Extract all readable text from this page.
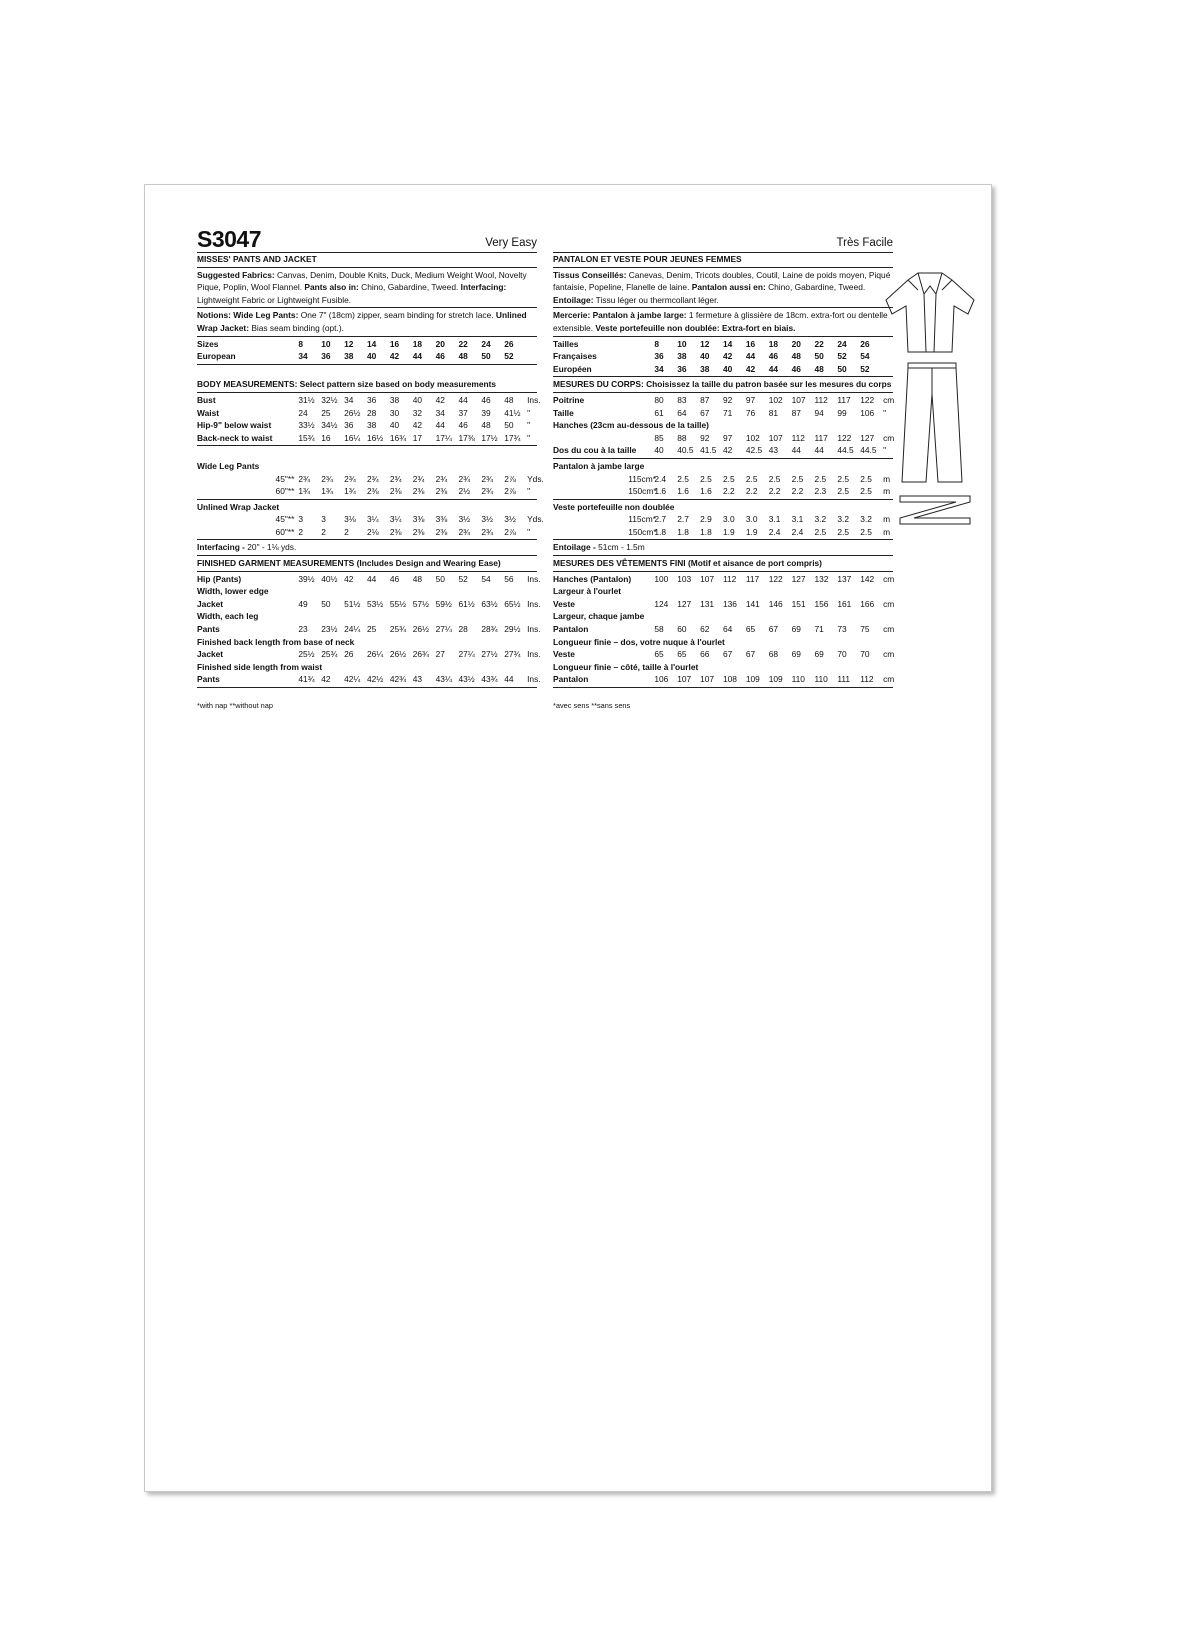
S3047	Very Easy
MISSES' PANTS AND JACKET

Suggested Fabrics: Canvas, Denim, Double Knits, Duck, Medium Weight Wool, Novelty Pique, Poplin, Wool Flannel. Pants also in: Chino, Gabardine, Tweed. Interfacing: Lightweight Fabric or Lightweight Fusible.

Notions: Wide Leg Pants: One 7" (18cm) zipper, seam binding for stretch lace. Unlined Wrap Jacket: Bias seam binding (opt.).

Sizes		8	10	12	14	16	18	20	22	24	26	
European		34	36	38	40	42	44	46	48	50	52	
BODY MEASUREMENTS: Select pattern size based on body measurements
Bust		31½	32½	34	36	38	40	42	44	46	48	Ins.
Waist		24	25	26½	28	30	32	34	37	39	41½	"
Hip-9" below waist		33½	34½	36	38	40	42	44	46	48	50	"
Back-neck to waist		15¾	16	16¼	16½	16¾	17	17¼	17⅜	17½	17¾	"
Wide Leg Pants
	45"**	2¾	2¾	2¾	2¾	2¾	2¾	2¾	2¾	2¾	2⅞	Yds.
	60"**	1¾	1¾	1¾	2⅜	2⅜	2⅜	2⅜	2½	2¾	2⅞	"
Unlined Wrap Jacket
	45"**	3	3	3⅛	3¼	3¼	3⅜	3⅜	3½	3½	3½	Yds.
	60"**	2	2	2	2⅛	2⅜	2⅜	2⅜	2¾	2¾	2⅞	"
Interfacing - 20" - 1⅛ yds.
FINISHED GARMENT MEASUREMENTS (Includes Design and Wearing Ease)
Hip (Pants)		39½	40½	42	44	46	48	50	52	54	56	Ins.
Width, lower edge												
Jacket		49	50	51½	53½	55½	57½	59½	61½	63½	65½	Ins.
Width, each leg												
Pants		23	23½	24¼	25	25¾	26½	27¼	28	28¾	29½	Ins.
Finished back length from base of neck												
Jacket		25½	25¾	26	26¼	26½	26¾	27	27¼	27½	27¾	Ins.
Finished side length from waist												
Pants		41¾	42	42¼	42½	42¾	43	43¼	43½	43¾	44	Ins.
*with nap **without nap
Très Facile
PANTALON ET VESTE POUR JEUNES FEMMES

Tissus Conseillés: Canevas, Denim, Tricots doubles, Coutil, Laine de poids moyen, Piqué fantaisie, Popeline, Flanelle de laine. Pantalon aussi en: Chino, Gabardine, Tweed. Entoilage: Tissu léger ou thermcollant léger.

Mercerie: Pantalon à jambe large: 1 fermeture à glissière de 18cm. extra-fort ou dentelle extensible. Veste portefeuille non doublée: Extra-fort en biais.

Tailles		8	10	12	14	16	18	20	22	24	26	
Françaises		36	38	40	42	44	46	48	50	52	54	
Européen		34	36	38	40	42	44	46	48	50	52	
MESURES DU CORPS: Choisissez la taille du patron basée sur les mesures du corps
Poitrine		80	83	87	92	97	102	107	112	117	122	cm
Taille		61	64	67	71	76	81	87	94	99	106	"
Hanches (23cm au-dessous de la taille)												
		85	88	92	97	102	107	112	117	122	127	cm
Dos du cou à la taille		40	40.5	41.5	42	42.5	43	44	44	44.5	44.5	"
Pantalon à jambe large
	115cm*	2.4	2.5	2.5	2.5	2.5	2.5	2.5	2.5	2.5	2.5	m
	150cm*	1.6	1.6	1.6	2.2	2.2	2.2	2.2	2.3	2.5	2.5	m
Veste portefeuille non doublée
	115cm*	2.7	2.7	2.9	3.0	3.0	3.1	3.1	3.2	3.2	3.2	m
	150cm*	1.8	1.8	1.8	1.9	1.9	2.4	2.4	2.5	2.5	2.5	m
Entoilage - 51cm - 1.5m
MESURES DES VÊTEMENTS FINI (Motif et aisance de port compris)
Hanches (Pantalon)		100	103	107	112	117	122	127	132	137	142	cm
Largeur à l'ourlet												
Veste		124	127	131	136	141	146	151	156	161	166	cm
Largeur, chaque jambe												
Pantalon		58	60	62	64	65	67	69	71	73	75	cm
Longueur finie – dos, votre nuque à l'ourlet												
Veste		65	65	66	67	67	68	69	69	70	70	cm
Longueur finie – côté, taille à l'ourlet												
Pantalon		106	107	107	108	109	109	110	110	111	112	cm
*avec sens **sans sens
